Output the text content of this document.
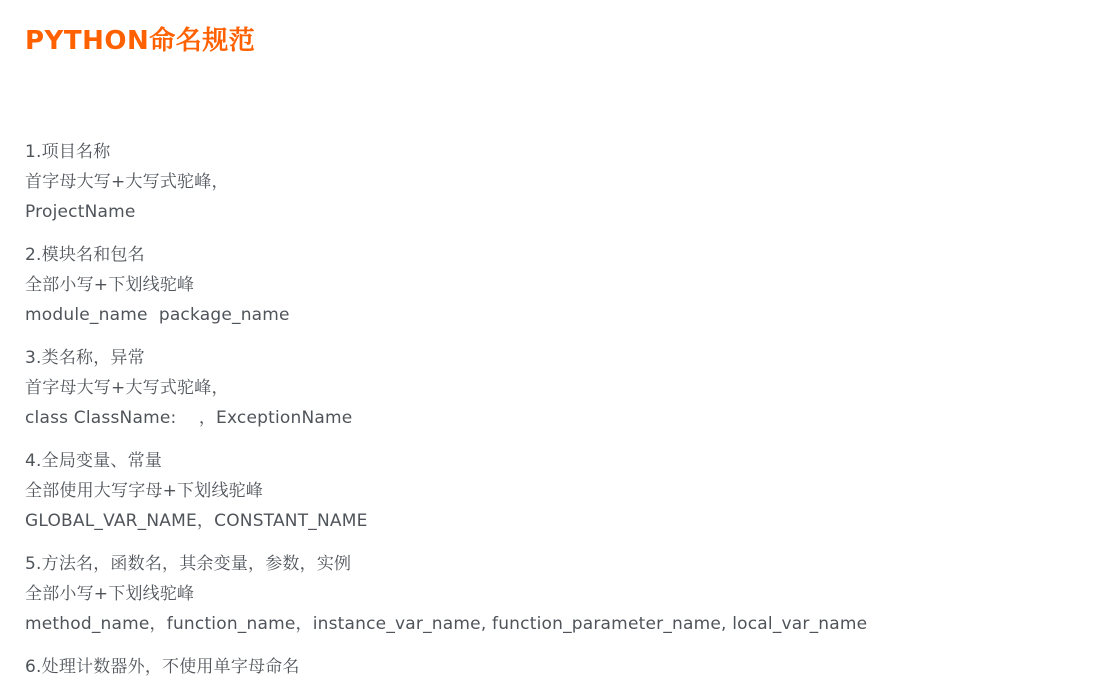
PYTHON命名规范
1.项目名称
首字母大写+大写式驼峰，
ProjectName
2.模块名和包名
全部小写+下划线驼峰
module_name  package_name
3.类名称，异常
首字母大写+大写式驼峰，
class ClassName:    ，ExceptionName
4.全局变量、常量
全部使用大写字母+下划线驼峰
GLOBAL_VAR_NAME，CONSTANT_NAME
5.方法名，函数名，其余变量，参数，实例
全部小写+下划线驼峰
method_name，function_name，instance_var_name, function_parameter_name, local_var_name
6.处理计数器外，不使用单字母命名
